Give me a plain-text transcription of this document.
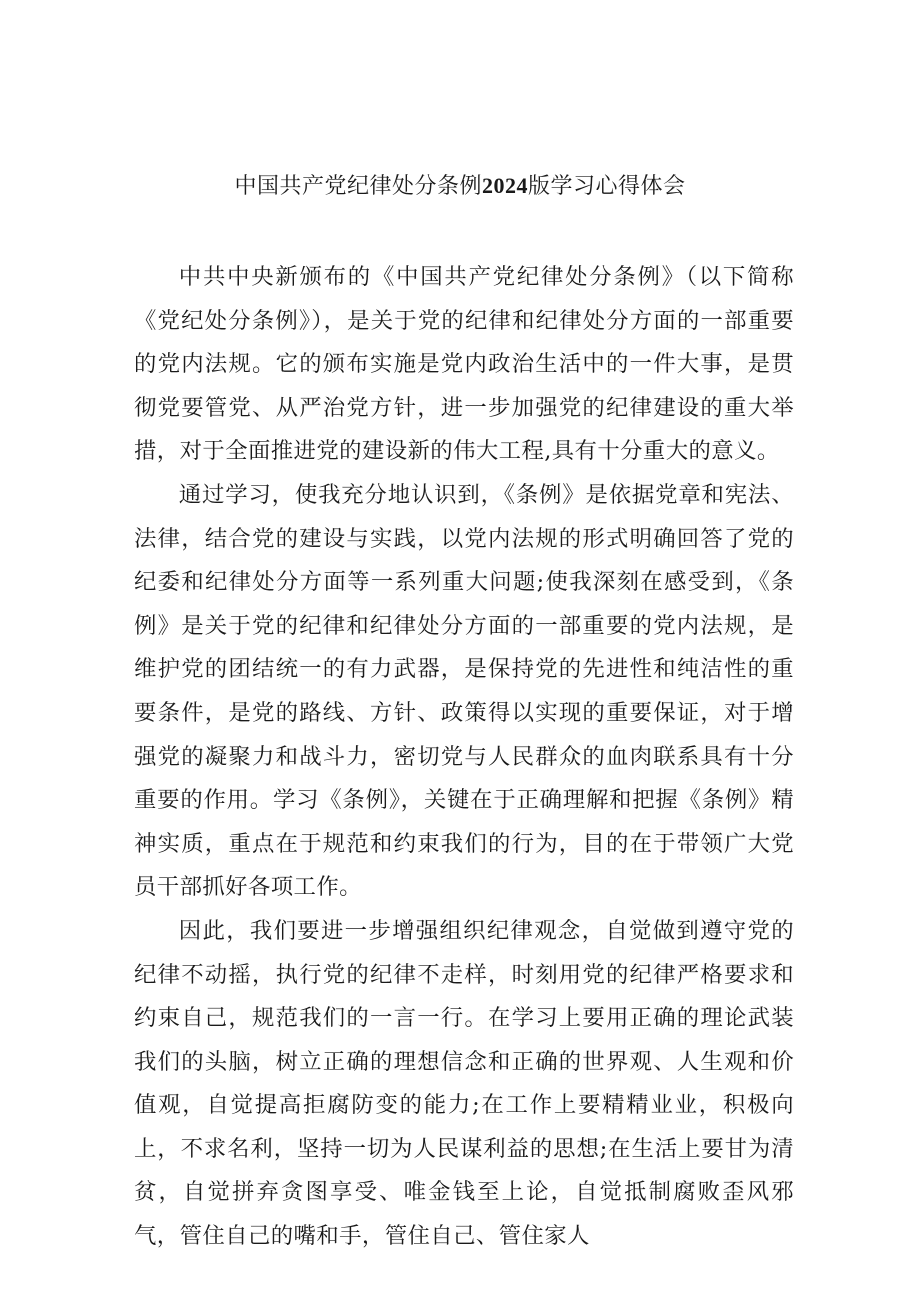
中国共产党纪律处分条例2024版学习心得体会

中共中央新颁布的《中国共产党纪律处分条例》（以下简称《党纪处分条例》），是关于党的纪律和纪律处分方面的一部重要的党内法规。它的颁布实施是党内政治生活中的一件大事，是贯彻党要管党、从严治党方针，进一步加强党的纪律建设的重大举措，对于全面推进党的建设新的伟大工程,具有十分重大的意义。

通过学习，使我充分地认识到，《条例》是依据党章和宪法、法律，结合党的建设与实践，以党内法规的形式明确回答了党的纪委和纪律处分方面等一系列重大问题;使我深刻在感受到，《条例》是关于党的纪律和纪律处分方面的一部重要的党内法规，是维护党的团结统一的有力武器，是保持党的先进性和纯洁性的重要条件，是党的路线、方针、政策得以实现的重要保证，对于增强党的凝聚力和战斗力，密切党与人民群众的血肉联系具有十分重要的作用。学习《条例》，关键在于正确理解和把握《条例》精神实质，重点在于规范和约束我们的行为，目的在于带领广大党员干部抓好各项工作。

因此，我们要进一步增强组织纪律观念，自觉做到遵守党的纪律不动摇，执行党的纪律不走样，时刻用党的纪律严格要求和约束自己，规范我们的一言一行。在学习上要用正确的理论武装我们的头脑，树立正确的理想信念和正确的世界观、人生观和价值观，自觉提高拒腐防变的能力;在工作上要精精业业，积极向上，不求名利，坚持一切为人民谋利益的思想;在生活上要甘为清贫，自觉拼弃贪图享受、唯金钱至上论，自觉抵制腐败歪风邪气，管住自己的嘴和手，管住自己、管住家人
